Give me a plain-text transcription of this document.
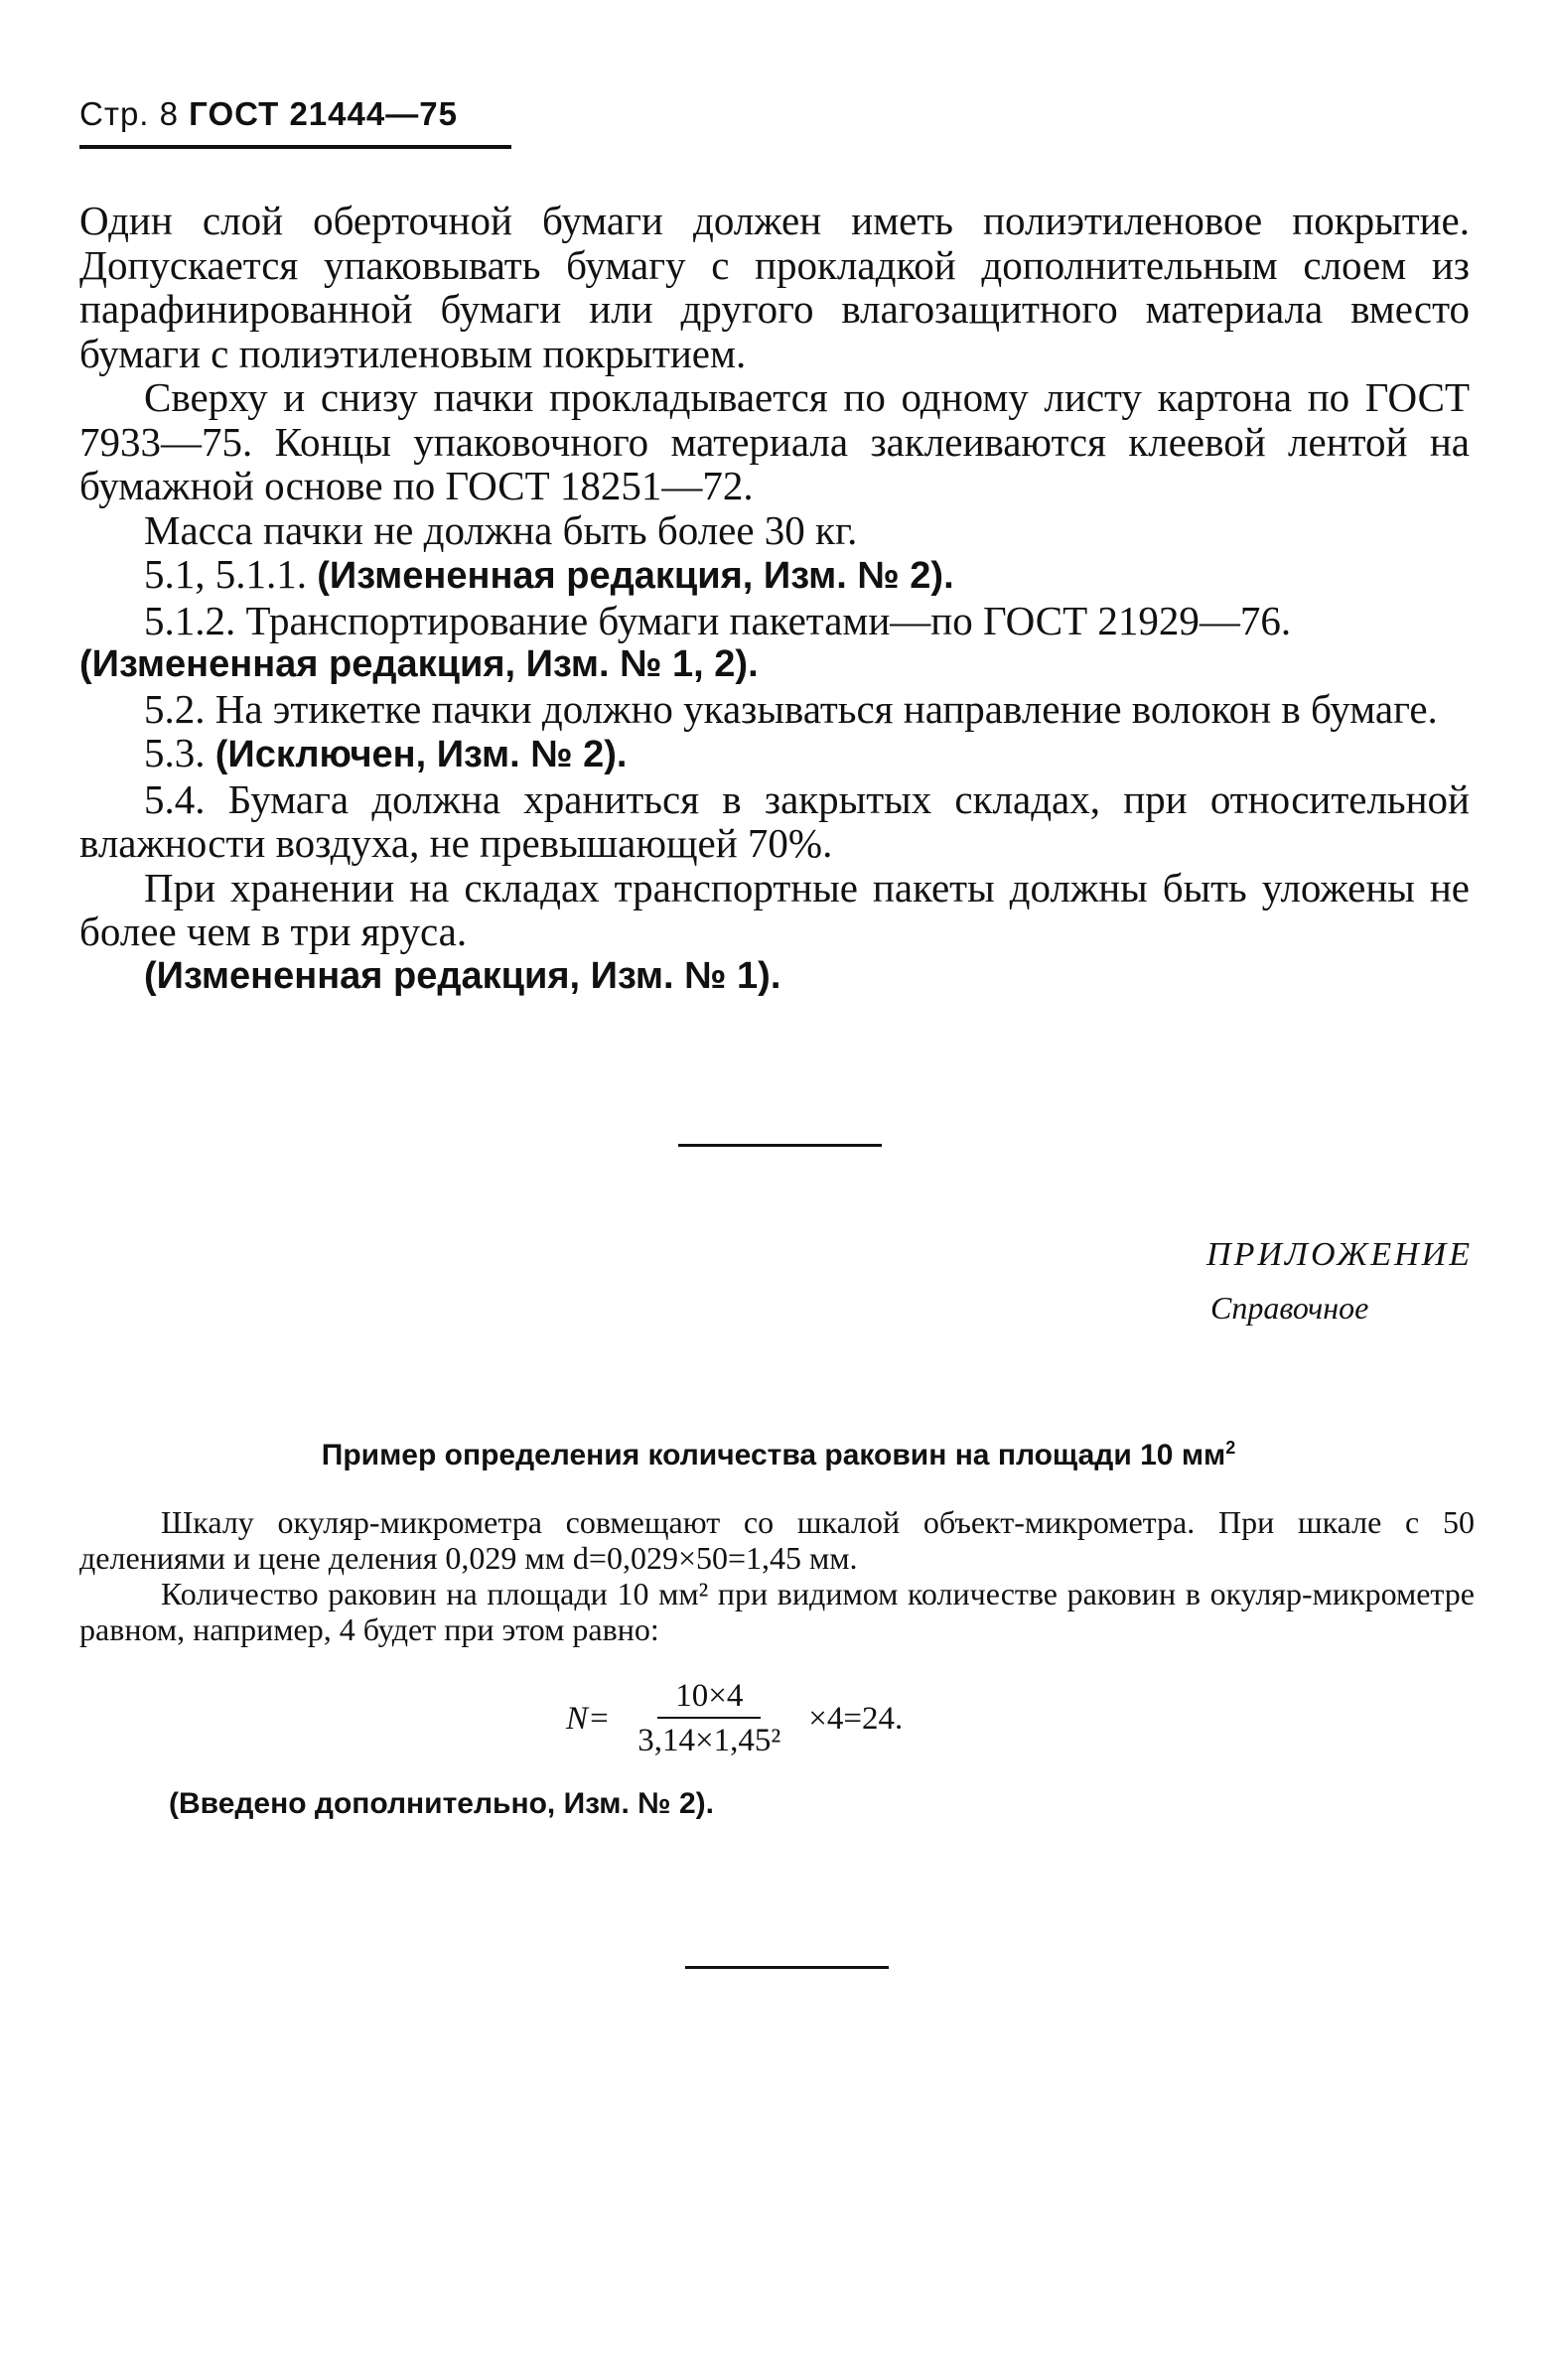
Стр. 8 ГОСТ 21444—75

Один слой оберточной бумаги должен иметь полиэтиленовое покрытие. Допускается упаковывать бумагу с прокладкой дополнительным слоем из парафинированной бумаги или другого влагозащитного материала вместо бумаги с полиэтиленовым покрытием.

Сверху и снизу пачки прокладывается по одному листу картона по ГОСТ 7933—75. Концы упаковочного материала заклеиваются клеевой лентой на бумажной основе по ГОСТ 18251—72.

Масса пачки не должна быть более 30 кг.

5.1, 5.1.1. (Измененная редакция, Изм. № 2).

5.1.2. Транспортирование бумаги пакетами—по ГОСТ 21929—76.

(Измененная редакция, Изм. № 1, 2).

5.2. На этикетке пачки должно указываться направление волокон в бумаге.

5.3. (Исключен, Изм. № 2).

5.4. Бумага должна храниться в закрытых складах, при относительной влажности воздуха, не превышающей 70%.

При хранении на складах транспортные пакеты должны быть уложены не более чем в три яруса.

(Измененная редакция, Изм. № 1).

ПРИЛОЖЕНИЕ
Справочное
Пример определения количества раковин на площади 10 $мм^2$

Шкалу окуляр-микрометра совмещают со шкалой объект-микрометра. При шкале с 50 делениями и цене деления 0,029 мм d=0,029×50=1,45 мм.

Количество раковин на площади 10 мм² при видимом количестве раковин в окуляр-микрометре равном, например, 4 будет при этом равно:

$N= \frac{10\times 4}{\text{3,14×1,45²}} \times 4=24$.
(Введено дополнительно, Изм. № 2).
